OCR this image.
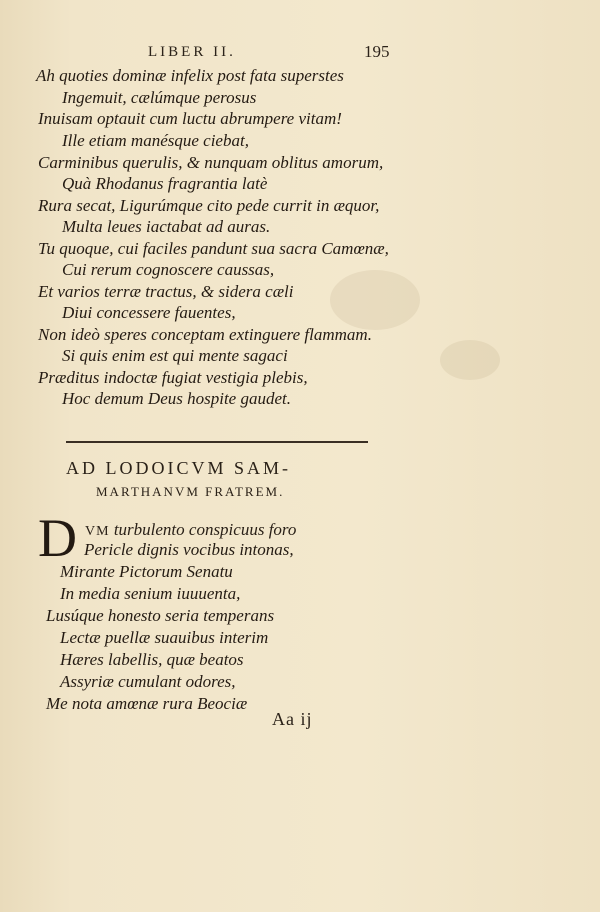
LIBER II.	195
Ah quoties dominæ infelix post fata superstes
Ingemuit, cælúmque perosus
Inuisam optauit cum luctu abrumpere vitam!
Ille etiam manésque ciebat,
Carminibus querulis, & nunquam oblitus amorum,
Quà Rhodanus fragrantia latè
Rura secat, Ligurúmque cito pede currit in æquor,
Multa leues iactabat ad auras.
Tu quoque, cui faciles pandunt sua sacra Camœnæ,
Cui rerum cognoscere caussas,
Et varios terræ tractus, & sidera cæli
Diui concessere fauentes,
Non ideò speres conceptam extinguere flammam.
Si quis enim est qui mente sagaci
Præditus indoctæ fugiat vestigia plebis,
Hoc demum Deus hospite gaudet.
AD LODOICVM SAM-
MARTHANVM FRATREM.
D VM turbulento conspicuus foro
Pericle dignis vocibus intonas,
Mirante Pictorum Senatu
In media senium iuuuenta,
Lusúque honesto seria temperans
Lectæ puellæ suauibus interim
Hæres labellis, quæ beatos
Assyriæ cumulant odores,
Me nota amœnæ rura Beociæ
Aa ij
